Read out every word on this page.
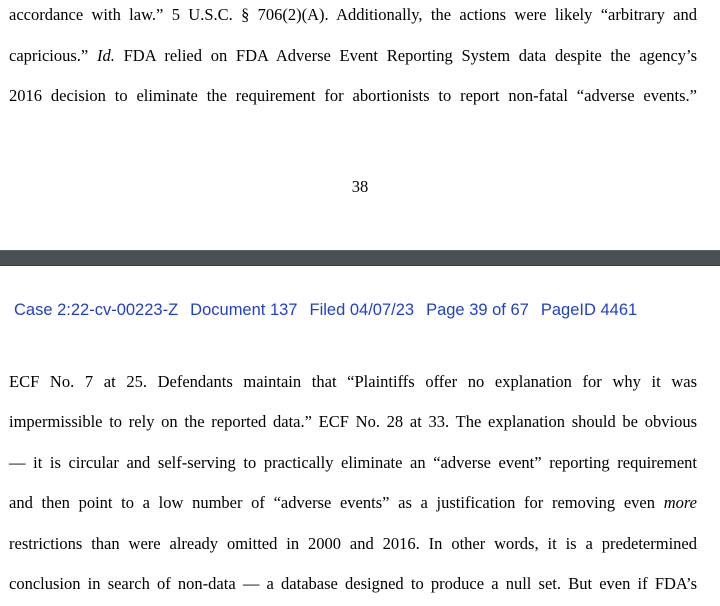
accordance with law.” 5 U.S.C. § 706(2)(A). Additionally, the actions were likely “arbitrary and
capricious.” Id. FDA relied on FDA Adverse Event Reporting System data despite the agency’s
2016 decision to eliminate the requirement for abortionists to report non-fatal “adverse events.”
38
Case 2:22-cv-00223-Z Document 137 Filed 04/07/23 Page 39 of 67 PageID 4461
ECF No. 7 at 25. Defendants maintain that “Plaintiffs offer no explanation for why it was
impermissible to rely on the reported data.” ECF No. 28 at 33. The explanation should be obvious
— it is circular and self-serving to practically eliminate an “adverse event” reporting requirement
and then point to a low number of “adverse events” as a justification for removing even more
restrictions than were already omitted in 2000 and 2016. In other words, it is a predetermined
conclusion in search of non-data — a database designed to produce a null set. But even if FDA’s
